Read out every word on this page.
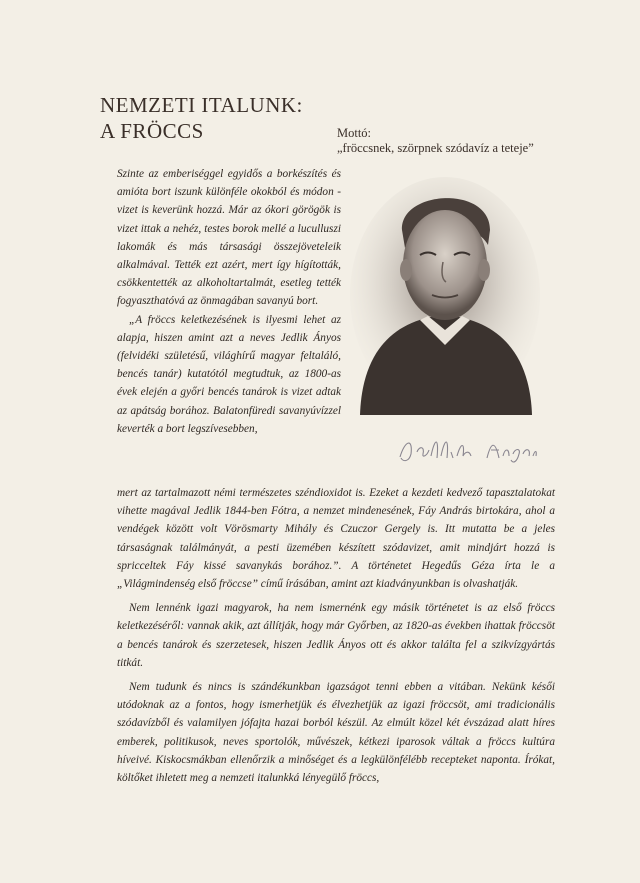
NEMZETI ITALUNK:
A FRÖCCS	Mottó:
„fröccsnek, szörpnek szódavíz a teteje”

Szinte az emberiséggel egyidős a borkészítés és amióta bort iszunk különféle okokból és módon - vizet is keverünk hozzá. Már az ókori görögök is vizet ittak a nehéz, testes borok mellé a luculluszi lakomák és más társasági összejöveteleik alkalmával. Tették ezt azért, mert így hígították, csökkentették az alkoholtartalmát, esetleg tették fogyaszthatóvá az önmagában savanyú bort.

„A fröccs keletkezésének is ilyesmi lehet az alapja, hiszen amint azt a neves Jedlik Ányos (felvidéki születésű, világhírű magyar feltaláló, bencés tanár) kutatótól megtudtuk, az 1800-as évek elején a győri bencés tanárok is vizet adtak az apátság borához. Balatonfüredi savanyúvízzel keverték a bort legszívesebben,

mert az tartalmazott némi természetes széndioxidot is. Ezeket a kezdeti kedvező tapasztalatokat vihette magával Jedlik 1844-ben Fótra, a nemzet mindenesének, Fáy András birtokára, ahol a vendégek között volt Vörösmarty Mihály és Czuczor Gergely is. Itt mutatta be a jeles társaságnak találmányát, a pesti üzemében készített szódavizet, amit mindjárt hozzá is spricceltek Fáy kissé savanykás borához.”. A történetet Hegedűs Géza írta le a „Világmindenség első fröccse” című írásában, amint azt kiadványunkban is olvashatják.

Nem lennénk igazi magyarok, ha nem ismernénk egy másik történetet is az első fröccs keletkezéséről: vannak akik, azt állítják, hogy már Győrben, az 1820-as években ihattak fröccsöt a bencés tanárok és szerzetesek, hiszen Jedlik Ányos ott és akkor találta fel a szikvízgyártás titkát.

Nem tudunk és nincs is szándékunkban igazságot tenni ebben a vitában. Nekünk késői utódoknak az a fontos, hogy ismerhetjük és élvezhetjük az igazi fröccsöt, ami tradicionális szódavízből és valamilyen jófajta hazai borból készül. Az elmúlt közel két évszázad alatt híres emberek, politikusok, neves sportolók, művészek, kétkezi iparosok váltak a fröccs kultúra híveivé. Kiskocsmákban ellenőrzik a minőséget és a legkülönfélébb recepteket naponta. Írókat, költőket ihletett meg a nemzeti italunkká lényegülő fröccs,
